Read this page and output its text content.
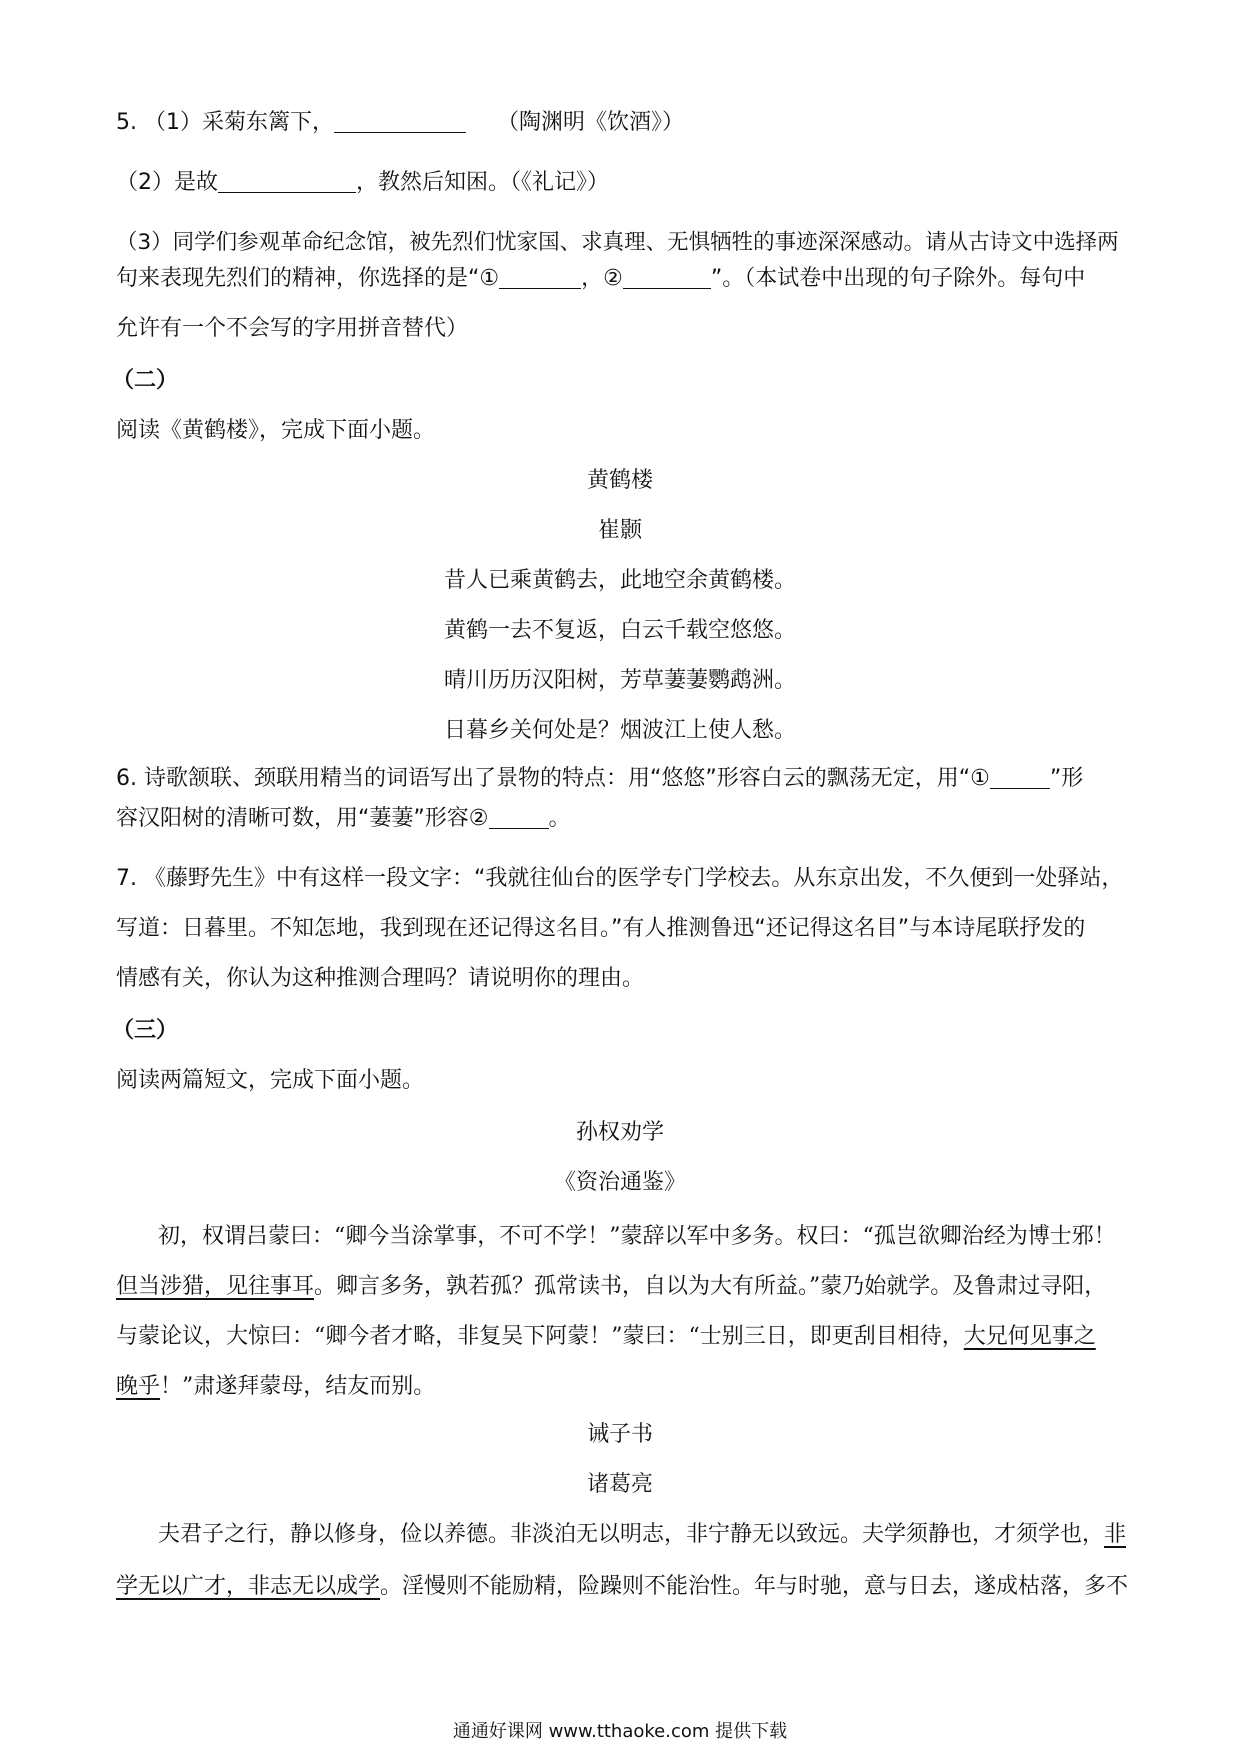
5. （1）采菊东篱下，	（陶渊明《饮酒》）
（2）是故	，教然后知困。（《礼记》）
（3）同学们参观革命纪念馆，被先烈们忧家国、求真理、无惧牺牲的事迹深深感动。请从古诗文中选择两
句来表现先烈们的精神，你选择的是“①	，②	”。（本试卷中出现的句子除外。每句中
允许有一个不会写的字用拼音替代）
（二）
阅读《黄鹤楼》，完成下面小题。
黄鹤楼
崔颢
昔人已乘黄鹤去，此地空余黄鹤楼。
黄鹤一去不复返，白云千载空悠悠。
晴川历历汉阳树，芳草萋萋鹦鹉洲。
日暮乡关何处是？烟波江上使人愁。
6. 诗歌颔联、颈联用精当的词语写出了景物的特点：用“悠悠”形容白云的飘荡无定，用“①	”形
容汉阳树的清晰可数，用“萋萋”形容②	。
7. 《藤野先生》中有这样一段文字：“我就往仙台的医学专门学校去。从东京出发，不久便到一处驿站，
写道：日暮里。不知怎地，我到现在还记得这名目。”有人推测鲁迅“还记得这名目”与本诗尾联抒发的
情感有关，你认为这种推测合理吗？请说明你的理由。
（三）
阅读两篇短文，完成下面小题。
孙权劝学
《资治通鉴》
初，权谓吕蒙曰：“卿今当涂掌事，不可不学！”蒙辞以军中多务。权曰：“孤岂欲卿治经为博士邪！
但当涉猎，见往事耳。卿言多务，孰若孤？孤常读书，自以为大有所益。”蒙乃始就学。及鲁肃过寻阳，
与蒙论议，大惊曰：“卿今者才略，非复吴下阿蒙！”蒙曰：“士别三日，即更刮目相待，大兄何见事之
晚乎！”肃遂拜蒙母，结友而别。
诫子书
诸葛亮
夫君子之行，静以修身，俭以养德。非淡泊无以明志，非宁静无以致远。夫学须静也，才须学也，非
学无以广才，非志无以成学。淫慢则不能励精，险躁则不能治性。年与时驰，意与日去，遂成枯落，多不
通通好课网 www.tthaoke.com 提供下载
